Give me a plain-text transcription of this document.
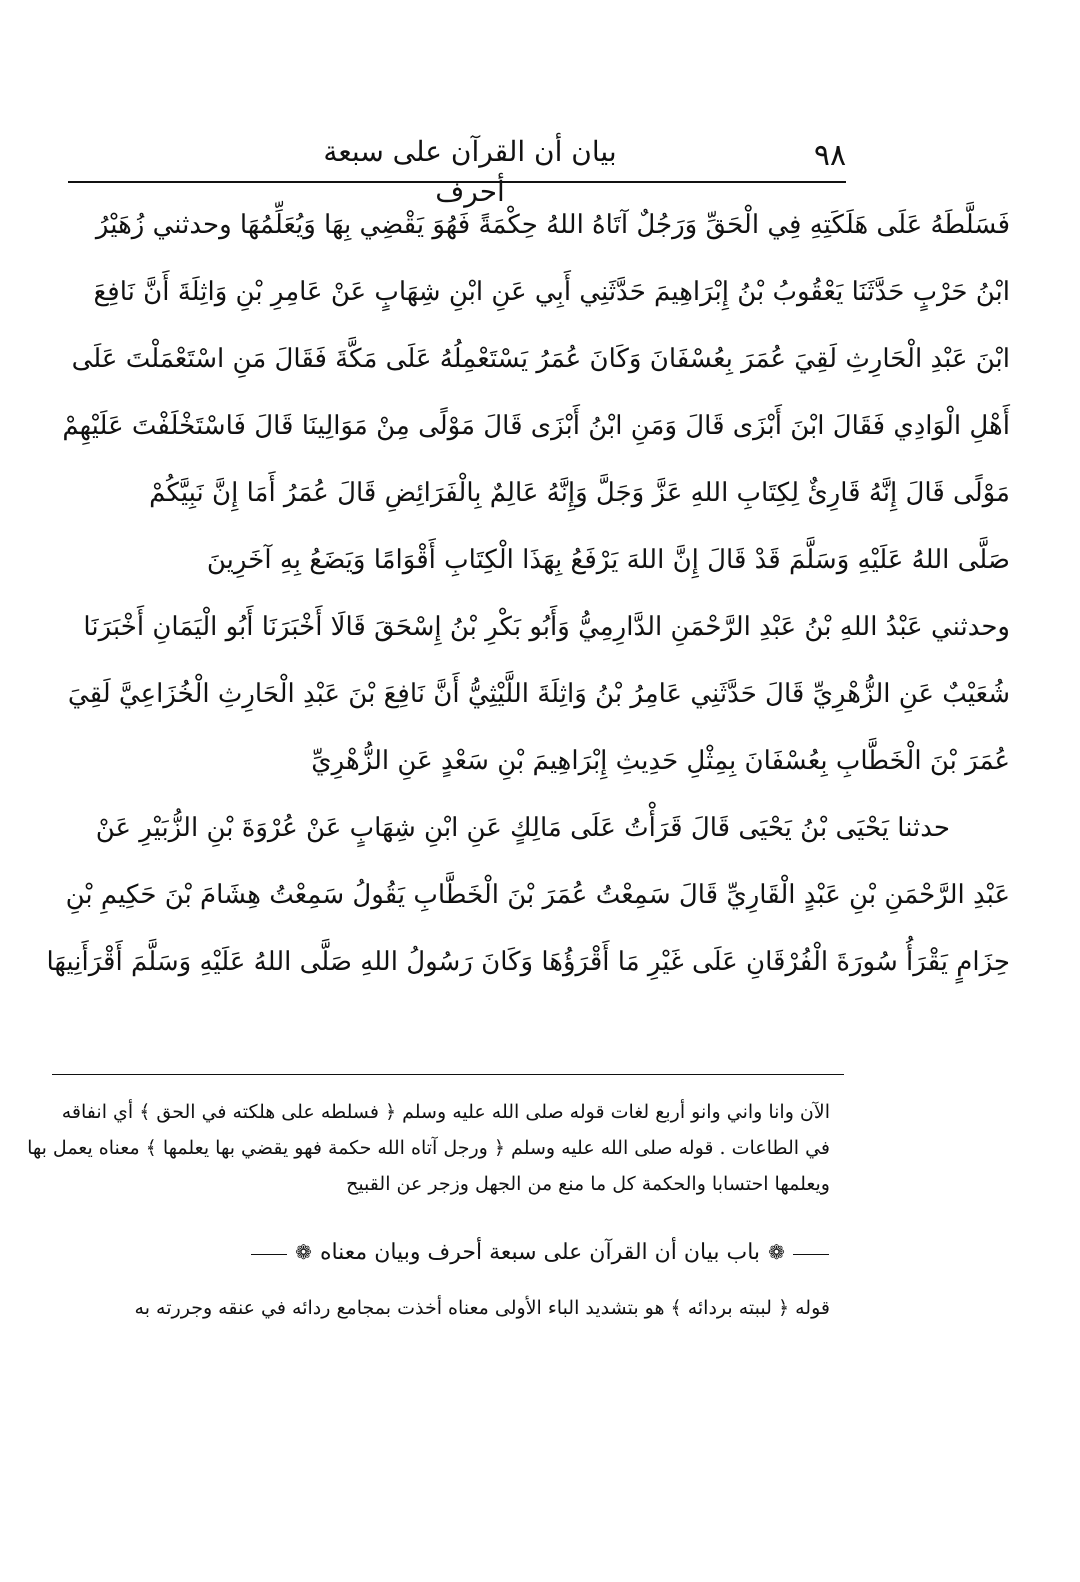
٩٨
بيان أن القرآن على سبعة أحرف
فَسَلَّطَهُ عَلَى هَلَكَتِهِ فِي الْحَقِّ وَرَجُلٌ آتَاهُ اللهُ حِكْمَةً فَهُوَ يَقْضِي بِهَا وَيُعَلِّمُهَا وحدثني زُهَيْرُ
ابْنُ حَرْبٍ حَدَّثَنَا يَعْقُوبُ بْنُ إِبْرَاهِيمَ حَدَّثَنِي أَبِي عَنِ ابْنِ شِهَابٍ عَنْ عَامِرِ بْنِ وَاثِلَةَ أَنَّ نَافِعَ
ابْنَ عَبْدِ الْحَارِثِ لَقِيَ عُمَرَ بِعُسْفَانَ وَكَانَ عُمَرُ يَسْتَعْمِلُهُ عَلَى مَكَّةَ فَقَالَ مَنِ اسْتَعْمَلْتَ عَلَى
أَهْلِ الْوَادِي فَقَالَ ابْنَ أَبْزَى قَالَ وَمَنِ ابْنُ أَبْزَى قَالَ مَوْلًى مِنْ مَوَالِينَا قَالَ فَاسْتَخْلَفْتَ عَلَيْهِمْ
مَوْلًى قَالَ إِنَّهُ قَارِئٌ لِكِتَابِ اللهِ عَزَّ وَجَلَّ وَإِنَّهُ عَالِمٌ بِالْفَرَائِضِ قَالَ عُمَرُ أَمَا إِنَّ نَبِيَّكُمْ
صَلَّى اللهُ عَلَيْهِ وَسَلَّمَ قَدْ قَالَ إِنَّ اللهَ يَرْفَعُ بِهَذَا الْكِتَابِ أَقْوَامًا وَيَضَعُ بِهِ آخَرِينَ
وحدثني عَبْدُ اللهِ بْنُ عَبْدِ الرَّحْمَنِ الدَّارِمِيُّ وَأَبُو بَكْرِ بْنُ إِسْحَقَ قَالَا أَخْبَرَنَا أَبُو الْيَمَانِ أَخْبَرَنَا
شُعَيْبٌ عَنِ الزُّهْرِيِّ قَالَ حَدَّثَنِي عَامِرُ بْنُ وَاثِلَةَ اللَّيْثِيُّ أَنَّ نَافِعَ بْنَ عَبْدِ الْحَارِثِ الْخُزَاعِيَّ لَقِيَ
عُمَرَ بْنَ الْخَطَّابِ بِعُسْفَانَ بِمِثْلِ حَدِيثِ إِبْرَاهِيمَ بْنِ سَعْدٍ عَنِ الزُّهْرِيِّ
حدثنا يَحْيَى بْنُ يَحْيَى قَالَ قَرَأْتُ عَلَى مَالِكٍ عَنِ ابْنِ شِهَابٍ عَنْ عُرْوَةَ بْنِ الزُّبَيْرِ عَنْ
عَبْدِ الرَّحْمَنِ بْنِ عَبْدٍ الْقَارِيِّ قَالَ سَمِعْتُ عُمَرَ بْنَ الْخَطَّابِ يَقُولُ سَمِعْتُ هِشَامَ بْنَ حَكِيمِ بْنِ
حِزَامٍ يَقْرَأُ سُورَةَ الْفُرْقَانِ عَلَى غَيْرِ مَا أَقْرَؤُهَا وَكَانَ رَسُولُ اللهِ صَلَّى اللهُ عَلَيْهِ وَسَلَّمَ أَقْرَأَنِيهَا
الآن وانا واني وانو أربع لغات قوله صلى الله عليه وسلم ﴿ فسلطه على هلكته في الحق ﴾ أي انفاقه
في الطاعات . قوله صلى الله عليه وسلم ﴿ ورجل آتاه الله حكمة فهو يقضي بها يعلمها ﴾ معناه يعمل بها
ويعلمها احتسابا والحكمة كل ما منع من الجهل وزجر عن القبيح
❁
باب بيان أن القرآن على سبعة أحرف وبيان معناه
❁
قوله ﴿ لببته بردائه ﴾ هو بتشديد الباء الأولى معناه أخذت بمجامع ردائه في عنقه وجررته به
